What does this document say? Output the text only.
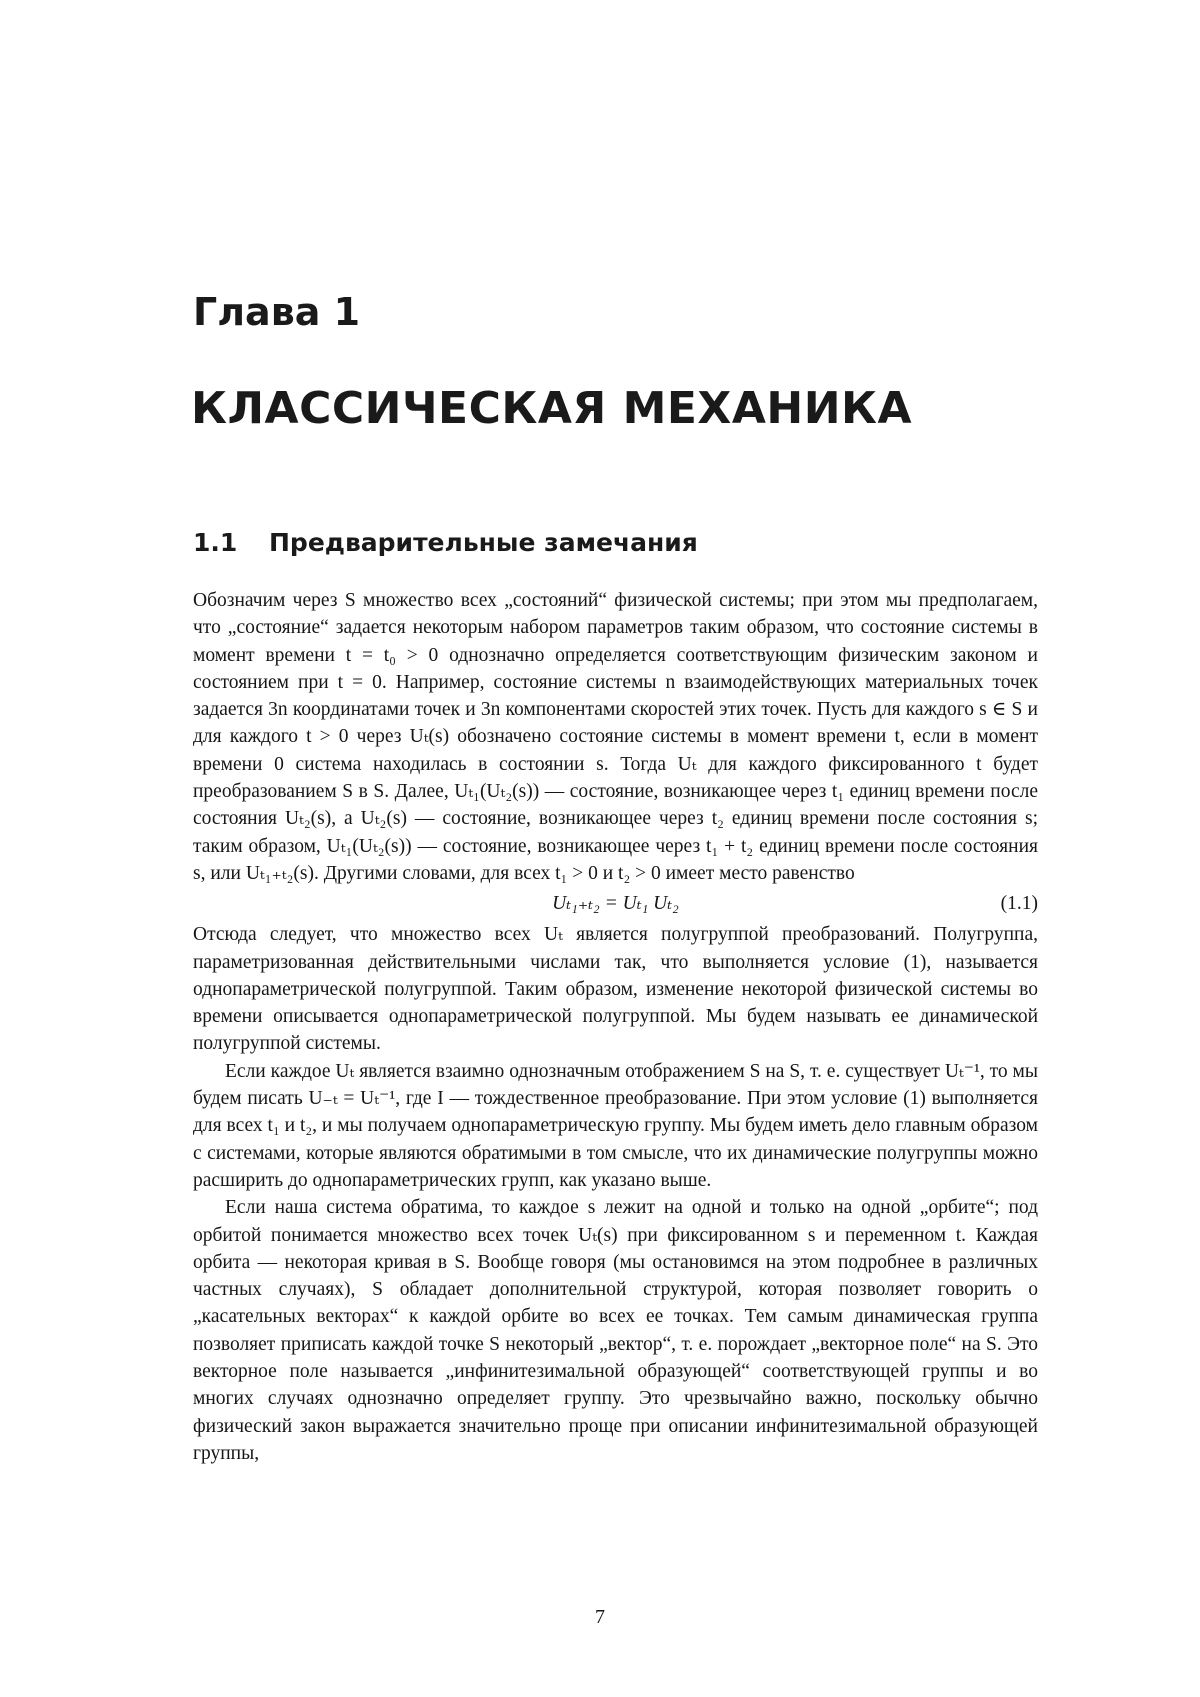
Глава 1
КЛАССИЧЕСКАЯ МЕХАНИКА
1.1 Предварительные замечания

Обозначим через S множество всех „состояний“ физической системы; при этом мы предполагаем, что „состояние“ задается некоторым набором параметров таким образом, что состояние системы в момент времени t = t₀ > 0 однозначно определяется соответствующим физическим законом и состоянием при t = 0. Например, состояние системы n взаимодействующих материальных точек задается 3n координатами точек и 3n компонентами скоростей этих точек. Пусть для каждого s ∈ S и для каждого t > 0 через Uₜ(s) обозначено состояние системы в момент времени t, если в момент времени 0 система находилась в состоянии s. Тогда Uₜ для каждого фиксированного t будет преобразованием S в S. Далее, Uₜ₁(Uₜ₂(s)) — состояние, возникающее через t₁ единиц времени после состояния Uₜ₂(s), а Uₜ₂(s) — состояние, возникающее через t₂ единиц времени после состояния s; таким образом, Uₜ₁(Uₜ₂(s)) — состояние, возникающее через t₁ + t₂ единиц времени после состояния s, или Uₜ₁₊ₜ₂(s). Другими словами, для всех t₁ > 0 и t₂ > 0 имеет место равенство

Uₜ₁₊ₜ₂ = Uₜ₁ Uₜ₂	(1.1)

Отсюда следует, что множество всех Uₜ является полугруппой преобразований. Полугруппа, параметризованная действительными числами так, что выполняется условие (1), называется однопараметрической полугруппой. Таким образом, изменение некоторой физической системы во времени описывается однопараметрической полугруппой. Мы будем называть ее динамической полугруппой системы.

Если каждое Uₜ является взаимно однозначным отображением S на S, т. е. существует Uₜ⁻¹, то мы будем писать U₋ₜ = Uₜ⁻¹, где I — тождественное преобразование. При этом условие (1) выполняется для всех t₁ и t₂, и мы получаем однопараметрическую группу. Мы будем иметь дело главным образом с системами, которые являются обратимыми в том смысле, что их динамические полугруппы можно расширить до однопараметрических групп, как указано выше.

Если наша система обратима, то каждое s лежит на одной и только на одной „орбите“; под орбитой понимается множество всех точек Uₜ(s) при фиксированном s и переменном t. Каждая орбита — некоторая кривая в S. Вообще говоря (мы остановимся на этом подробнее в различных частных случаях), S обладает дополнительной структурой, которая позволяет говорить о „касательных векторах“ к каждой орбите во всех ее точках. Тем самым динамическая группа позволяет приписать каждой точке S некоторый „вектор“, т. е. порождает „векторное поле“ на S. Это векторное поле называется „инфинитезимальной образующей“ соответствующей группы и во многих случаях однозначно определяет группу. Это чрезвычайно важно, поскольку обычно физический закон выражается значительно проще при описании инфинитезимальной образующей группы,

7
